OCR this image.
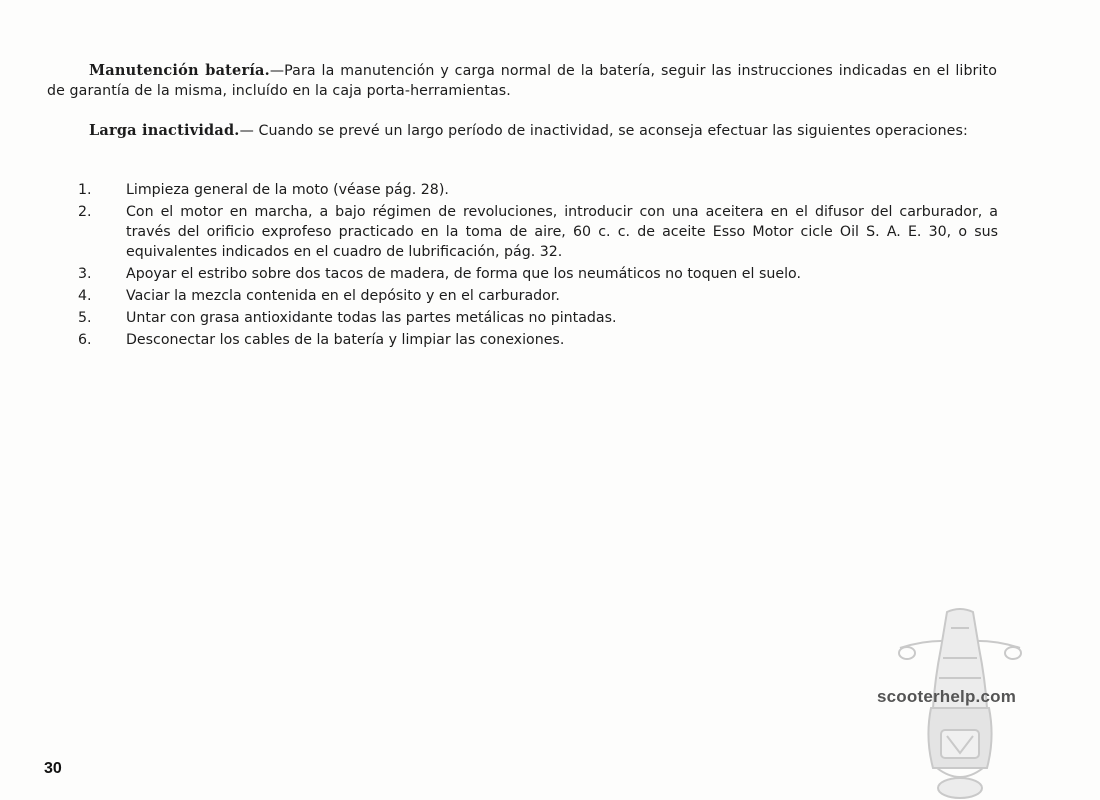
Manutención batería.—Para la manutención y carga normal de la batería, seguir las instrucciones indicadas en el librito de garantía de la misma, incluído en la caja porta-herramientas.

Larga inactividad.— Cuando se prevé un largo período de inactividad, se aconseja efectuar las siguientes operaciones:

1.	Limpieza general de la moto (véase pág. 28).
2.	Con el motor en marcha, a bajo régimen de revoluciones, introducir con una aceitera en el difusor del carburador, a través del orificio exprofeso practicado en la toma de aire, 60 c. c. de aceite Esso Motor cicle Oil S. A. E. 30, o sus equivalentes indicados en el cuadro de lubrificación, pág. 32.
3.	Apoyar el estribo sobre dos tacos de madera, de forma que los neumáticos no toquen el suelo.
4.	Vaciar la mezcla contenida en el depósito y en el carburador.
5.	Untar con grasa antioxidante todas las partes metálicas no pintadas.
6.	Desconectar los cables de la batería y limpiar las conexiones.
scooterhelp.com
30
